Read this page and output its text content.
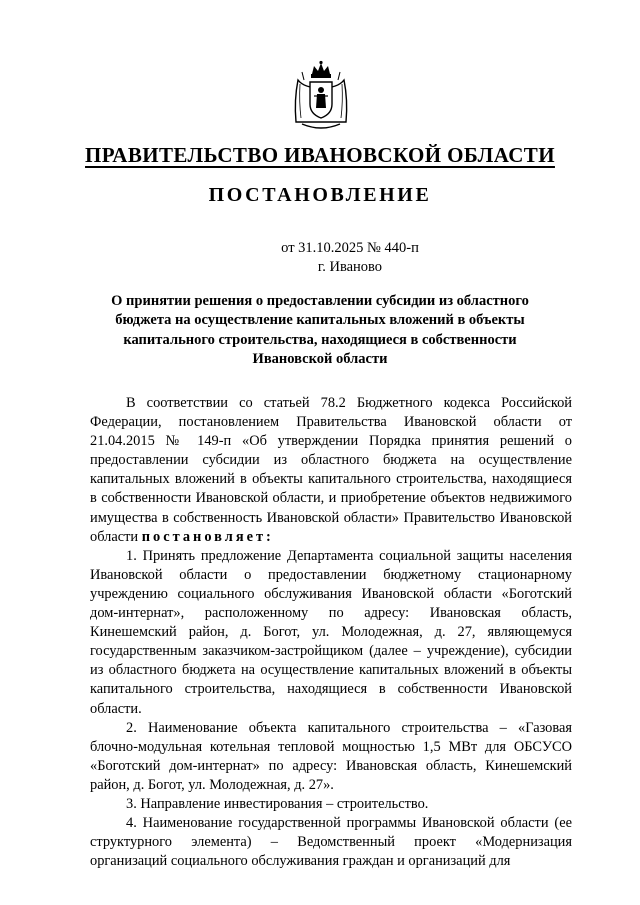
ПРАВИТЕЛЬСТВО ИВАНОВСКОЙ ОБЛАСТИ
ПОСТАНОВЛЕНИЕ
от 31.10.2025 № 440-п
г. Иваново
О принятии решения о предоставлении субсидии из областного бюджета на осуществление капитальных вложений в объекты капитального строительства, находящиеся в собственности Ивановской области

В соответствии со статьей 78.2 Бюджетного кодекса Российской Федерации, постановлением Правительства Ивановской области от 21.04.2015 № 149-п «Об утверждении Порядка принятия решений о предоставлении субсидии из областного бюджета на осуществление капитальных вложений в объекты капитального строительства, находящиеся в собственности Ивановской области, и приобретение объектов недвижимого имущества в собственность Ивановской области» Правительство Ивановской области постановляет:

1. Принять предложение Департамента социальной защиты населения Ивановской области о предоставлении бюджетному стационарному учреждению социального обслуживания Ивановской области «Боготский дом-интернат», расположенному по адресу: Ивановская область, Кинешемский район, д. Богот, ул. Молодежная, д. 27, являющемуся государственным заказчиком-застройщиком (далее – учреждение), субсидии из областного бюджета на осуществление капитальных вложений в объекты капитального строительства, находящиеся в собственности Ивановской области.

2. Наименование объекта капитального строительства – «Газовая блочно-модульная котельная тепловой мощностью 1,5 МВт для ОБСУСО «Боготский дом-интернат» по адресу: Ивановская область, Кинешемский район, д. Богот, ул. Молодежная, д. 27».

3. Направление инвестирования – строительство.

4. Наименование государственной программы Ивановской области (ее структурного элемента) – Ведомственный проект «Модернизация организаций социального обслуживания граждан и организаций для
